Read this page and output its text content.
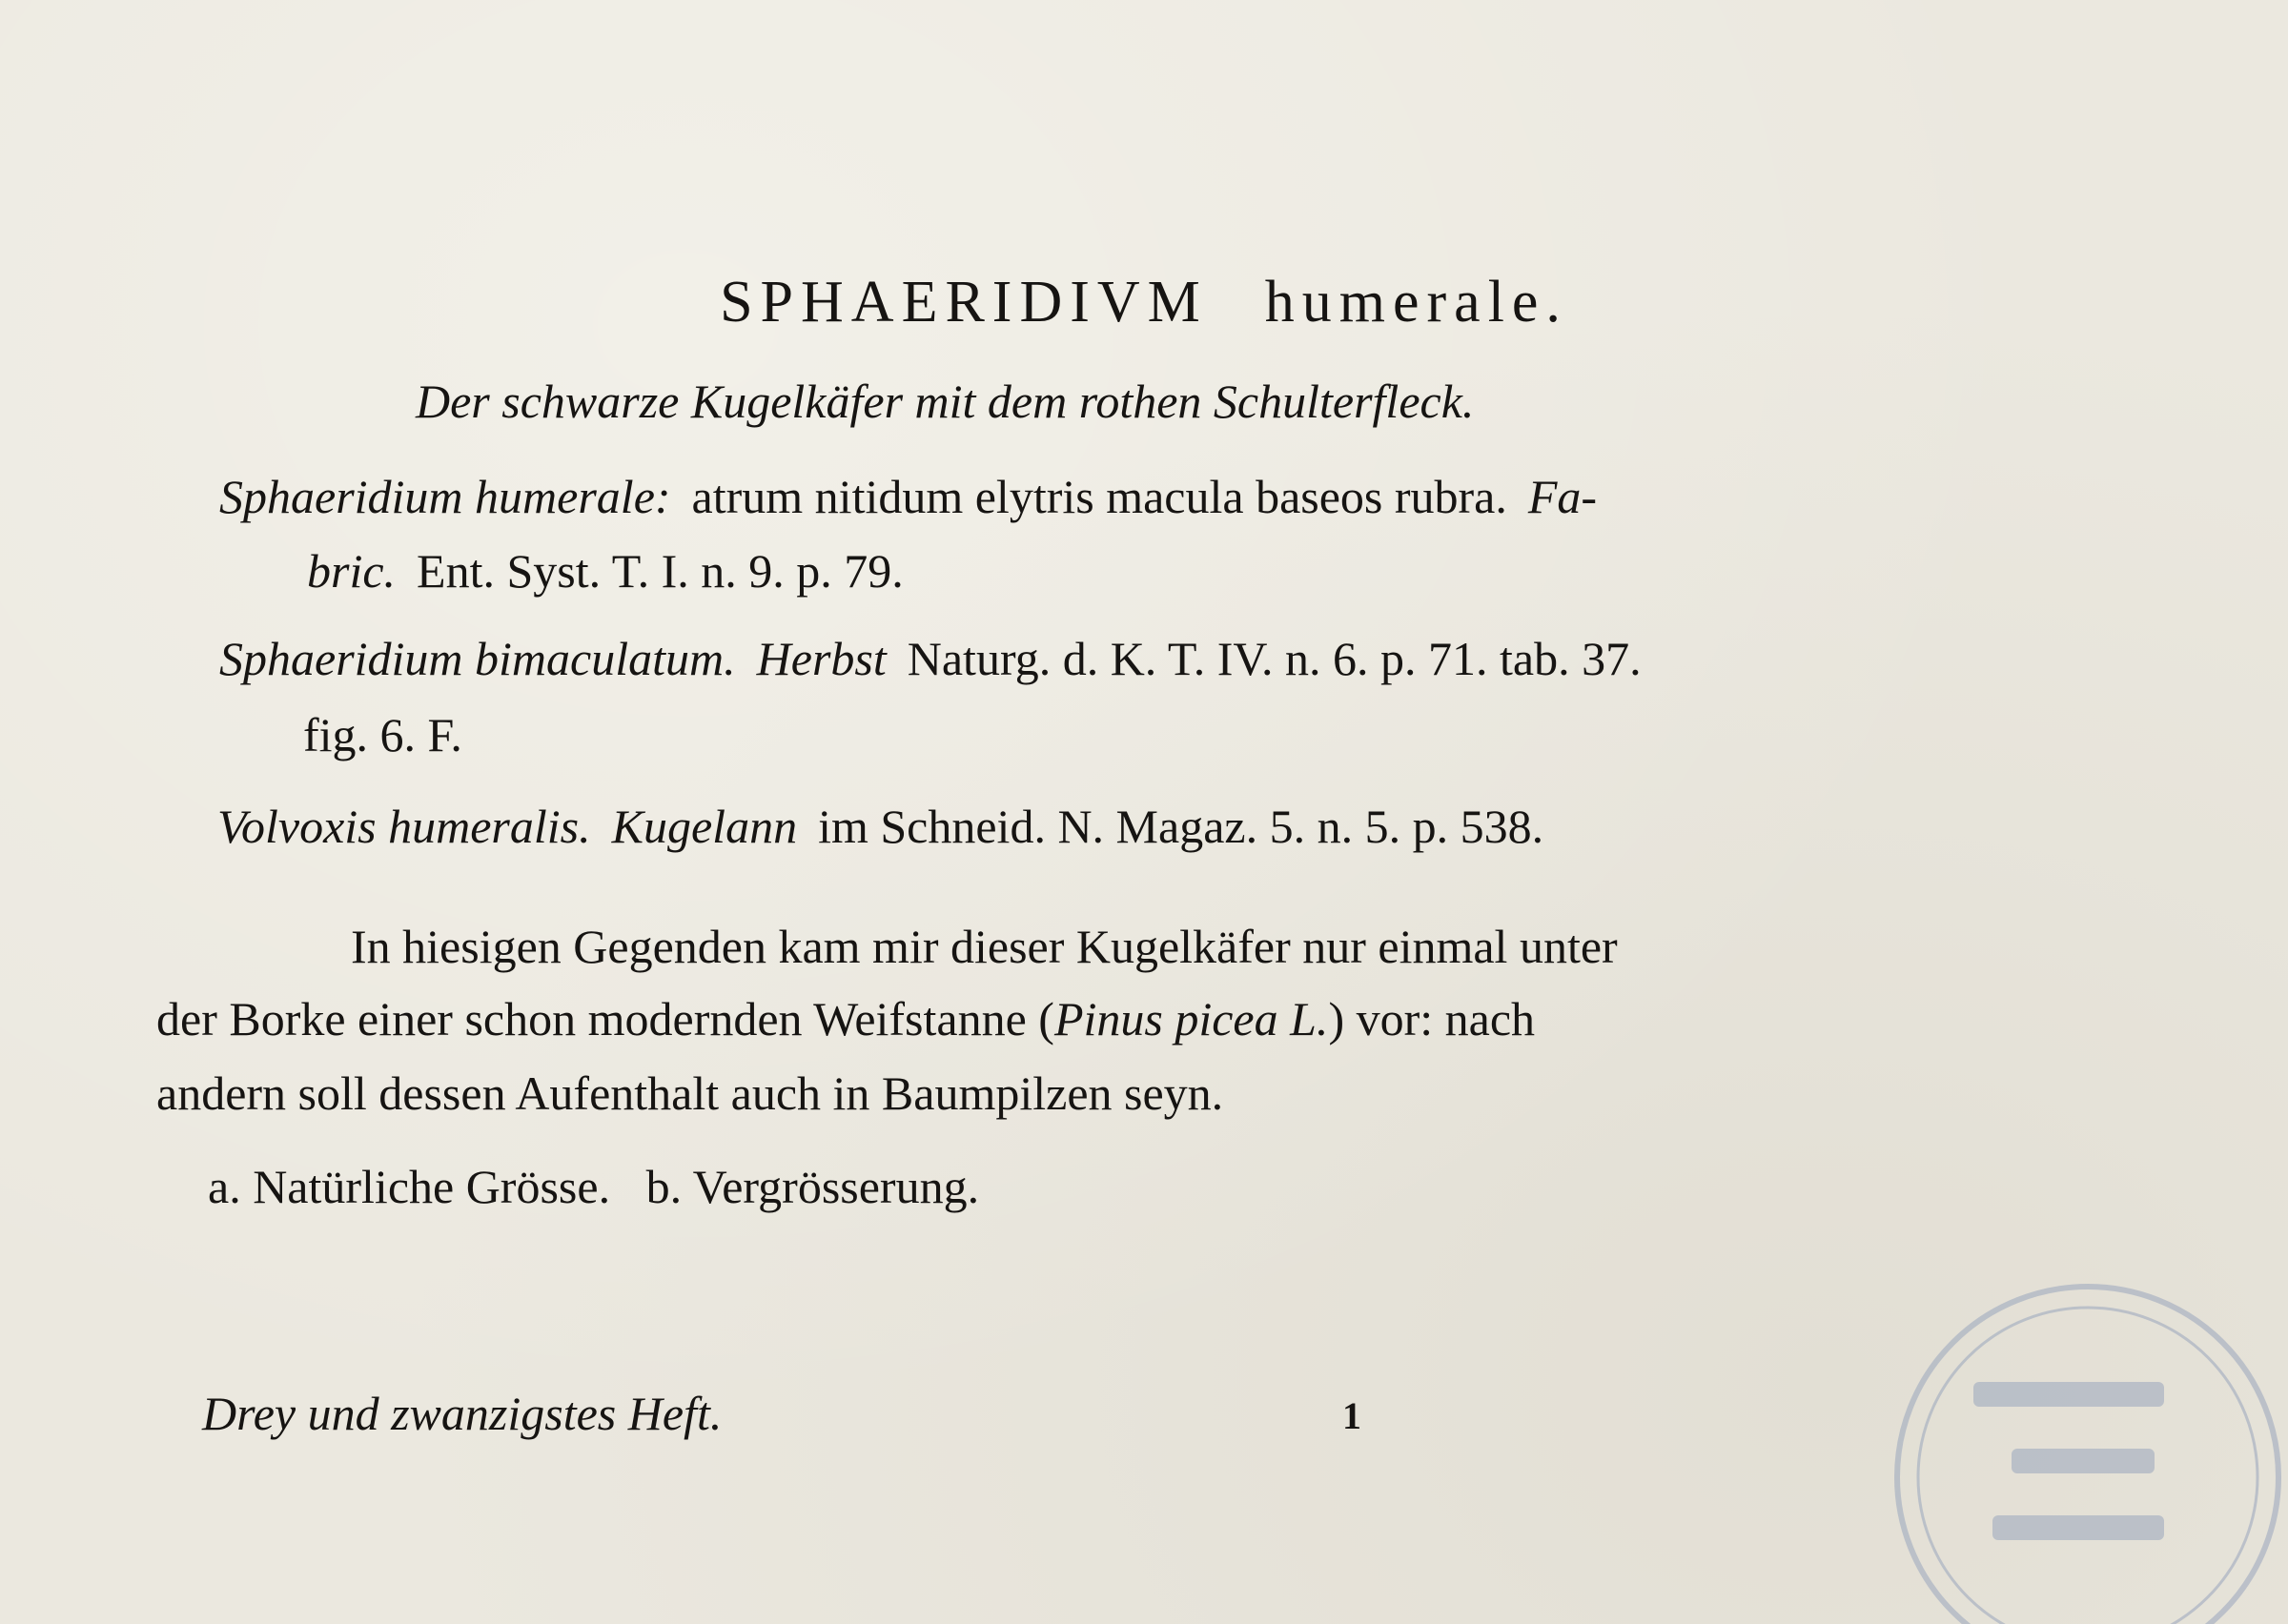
SPHAERIDIVM humerale.

Der schwarze Kugelkäfer mit dem rothen Schulterfleck.

Sphaeridium humerale: atrum nitidum elytris macula baseos rubra. Fa-

bric. Ent. Syst. T. I. n. 9. p. 79.

Sphaeridium bimaculatum. Herbst Naturg. d. K. T. IV. n. 6. p. 71. tab. 37.

fig. 6. F.

Volvoxis humeralis. Kugelann im Schneid. N. Magaz. 5. n. 5. p. 538.

In hiesigen Gegenden kam mir dieser Kugelkäfer nur einmal unter

der Borke einer schon modernden Weifstanne (Pinus picea L.) vor: nach

andern soll dessen Aufenthalt auch in Baumpilzen seyn.

a. Natürliche Grösse.   b. Vergrösserung.

Drey und zwanzigstes Heft.	1
